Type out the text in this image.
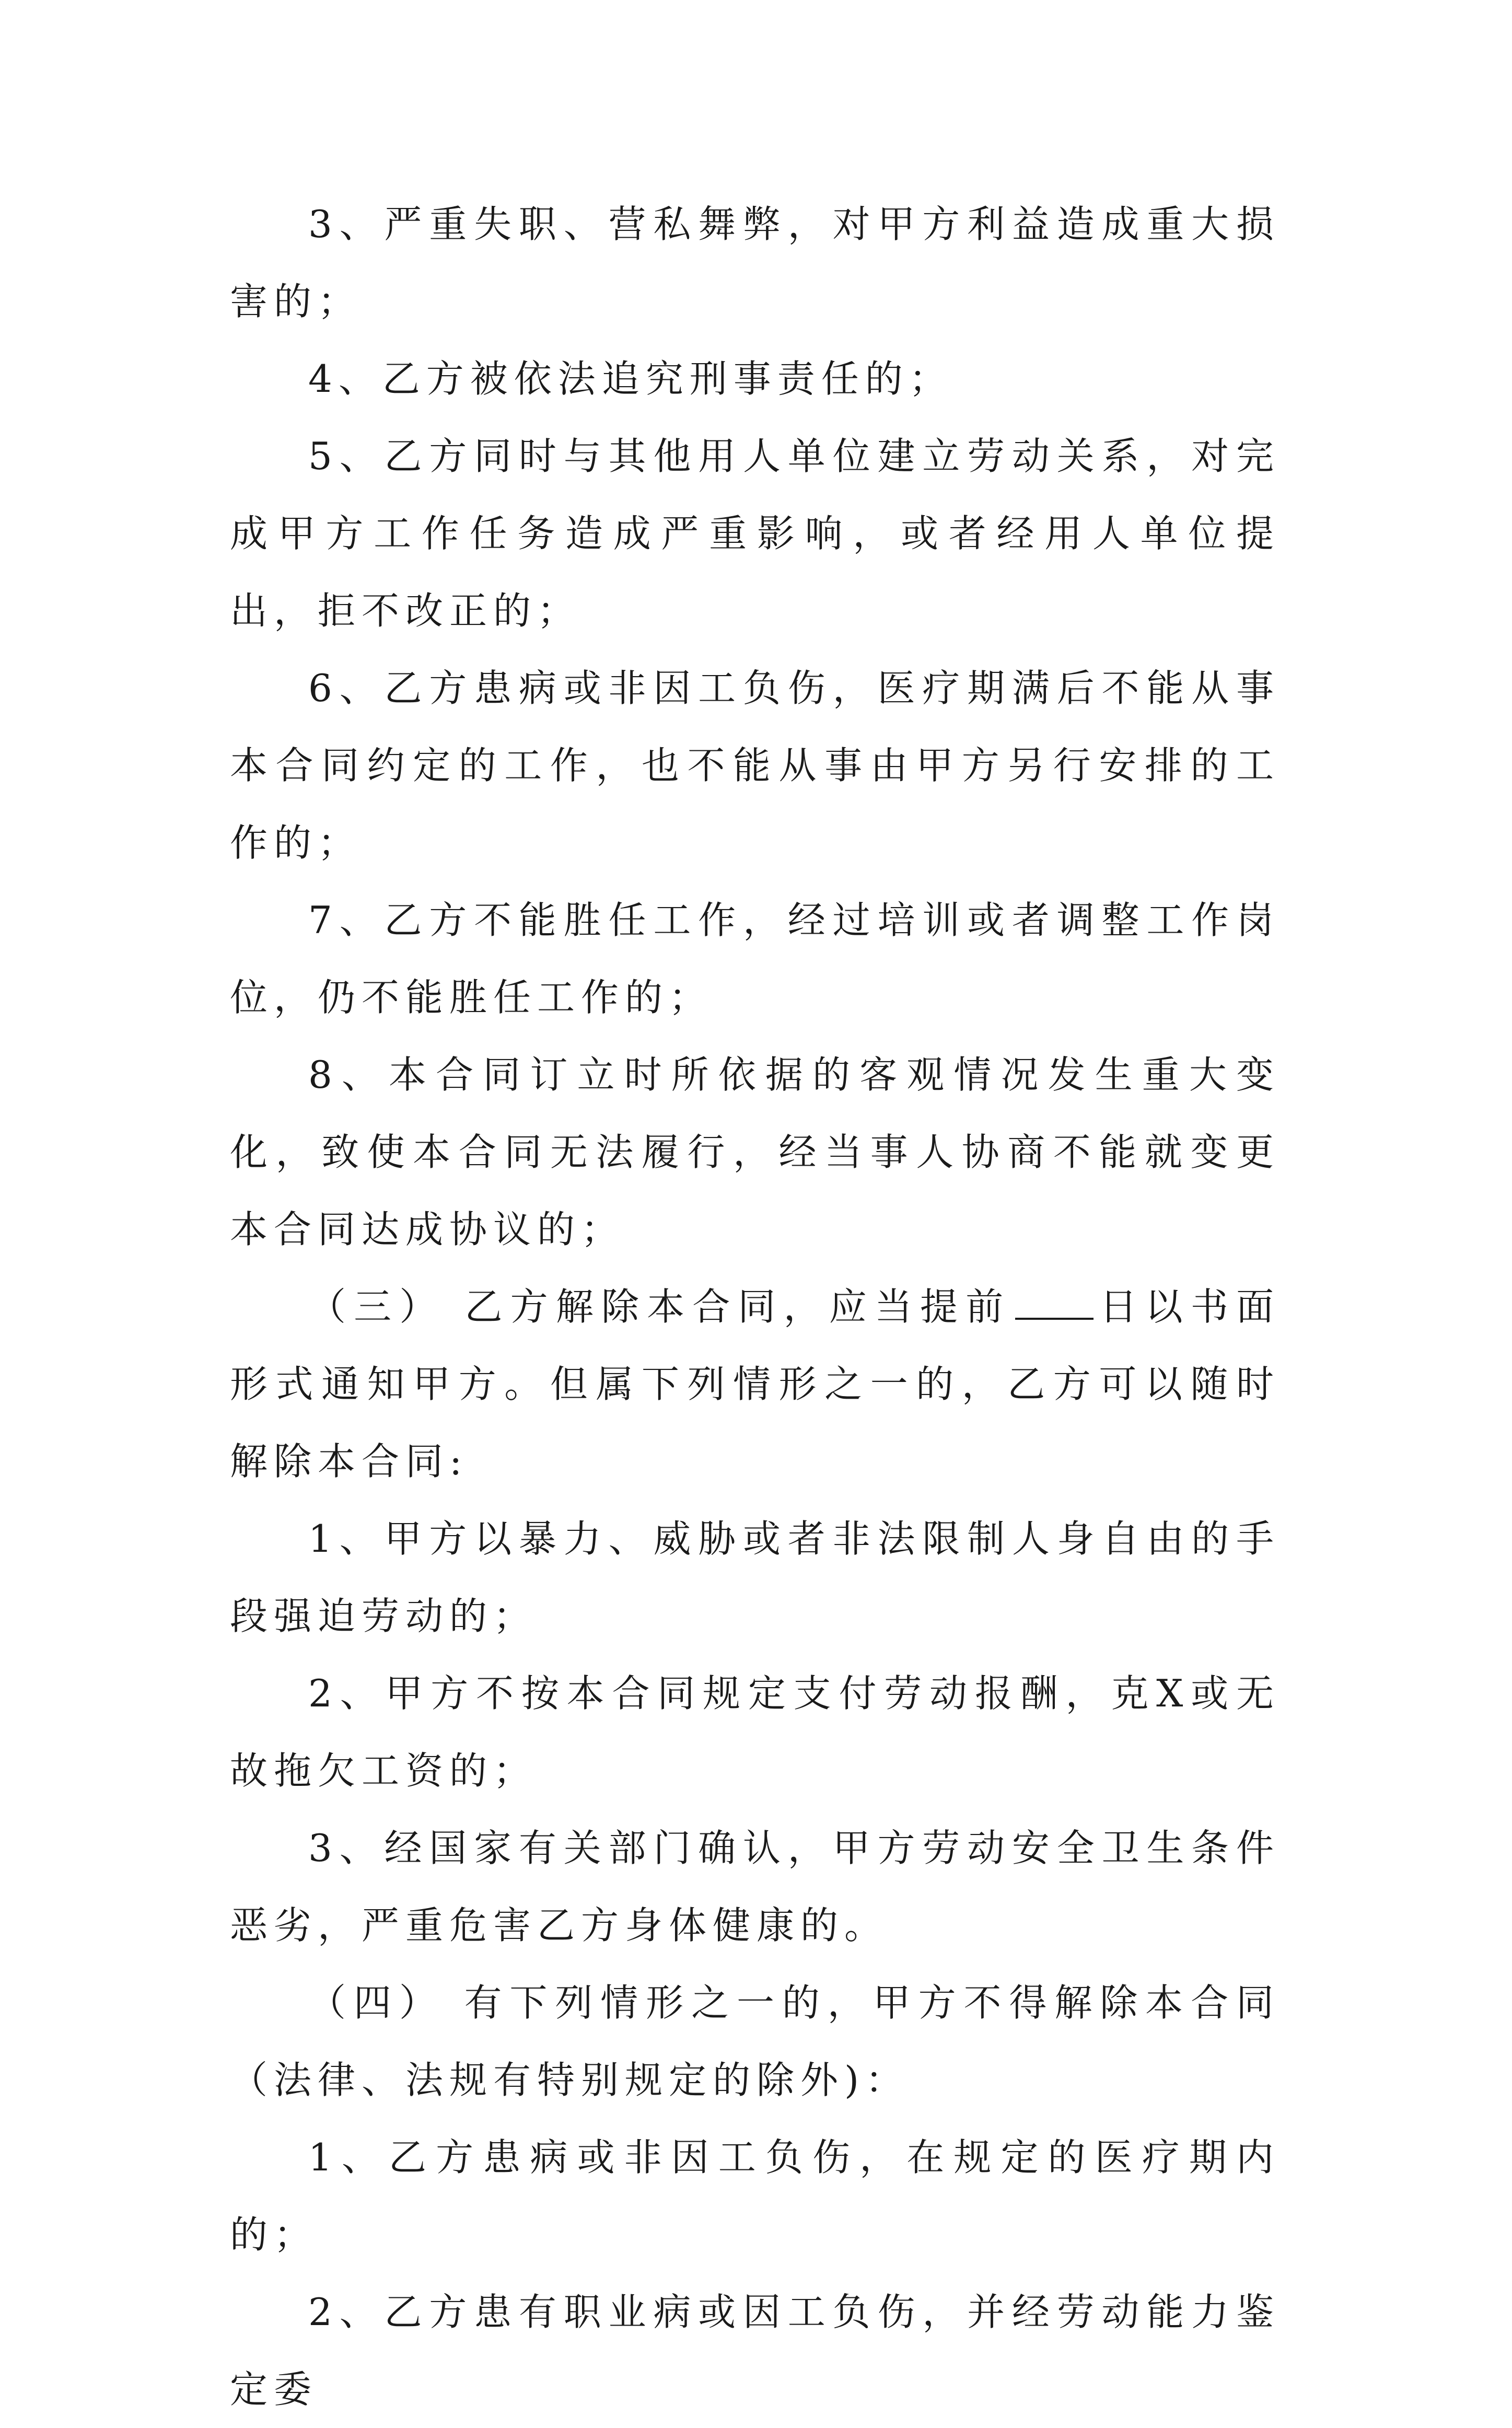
3、严重失职、营私舞弊，对甲方利益造成重大损害的；

4、乙方被依法追究刑事责任的；

5、乙方同时与其他用人单位建立劳动关系，对完成甲方工作任务造成严重影响，或者经用人单位提出，拒不改正的；

6、乙方患病或非因工负伤，医疗期满后不能从事本合同约定的工作，也不能从事由甲方另行安排的工作的；

7、乙方不能胜任工作，经过培训或者调整工作岗位，仍不能胜任工作的；

8、本合同订立时所依据的客观情况发生重大变化，致使本合同无法履行，经当事人协商不能就变更本合同达成协议的；

（三） 乙方解除本合同，应当提前 日以书面形式通知甲方。但属下列情形之一的，乙方可以随时解除本合同:

1、甲方以暴力、威胁或者非法限制人身自由的手段强迫劳动的；

2、甲方不按本合同规定支付劳动报酬，克X或无故拖欠工资的；

3、经国家有关部门确认，甲方劳动安全卫生条件恶劣，严重危害乙方身体健康的。

（四） 有下列情形之一的，甲方不得解除本合同（法律、法规有特别规定的除外)：

1、乙方患病或非因工负伤，在规定的医疗期内的；

2、乙方患有职业病或因工负伤，并经劳动能力鉴定委
